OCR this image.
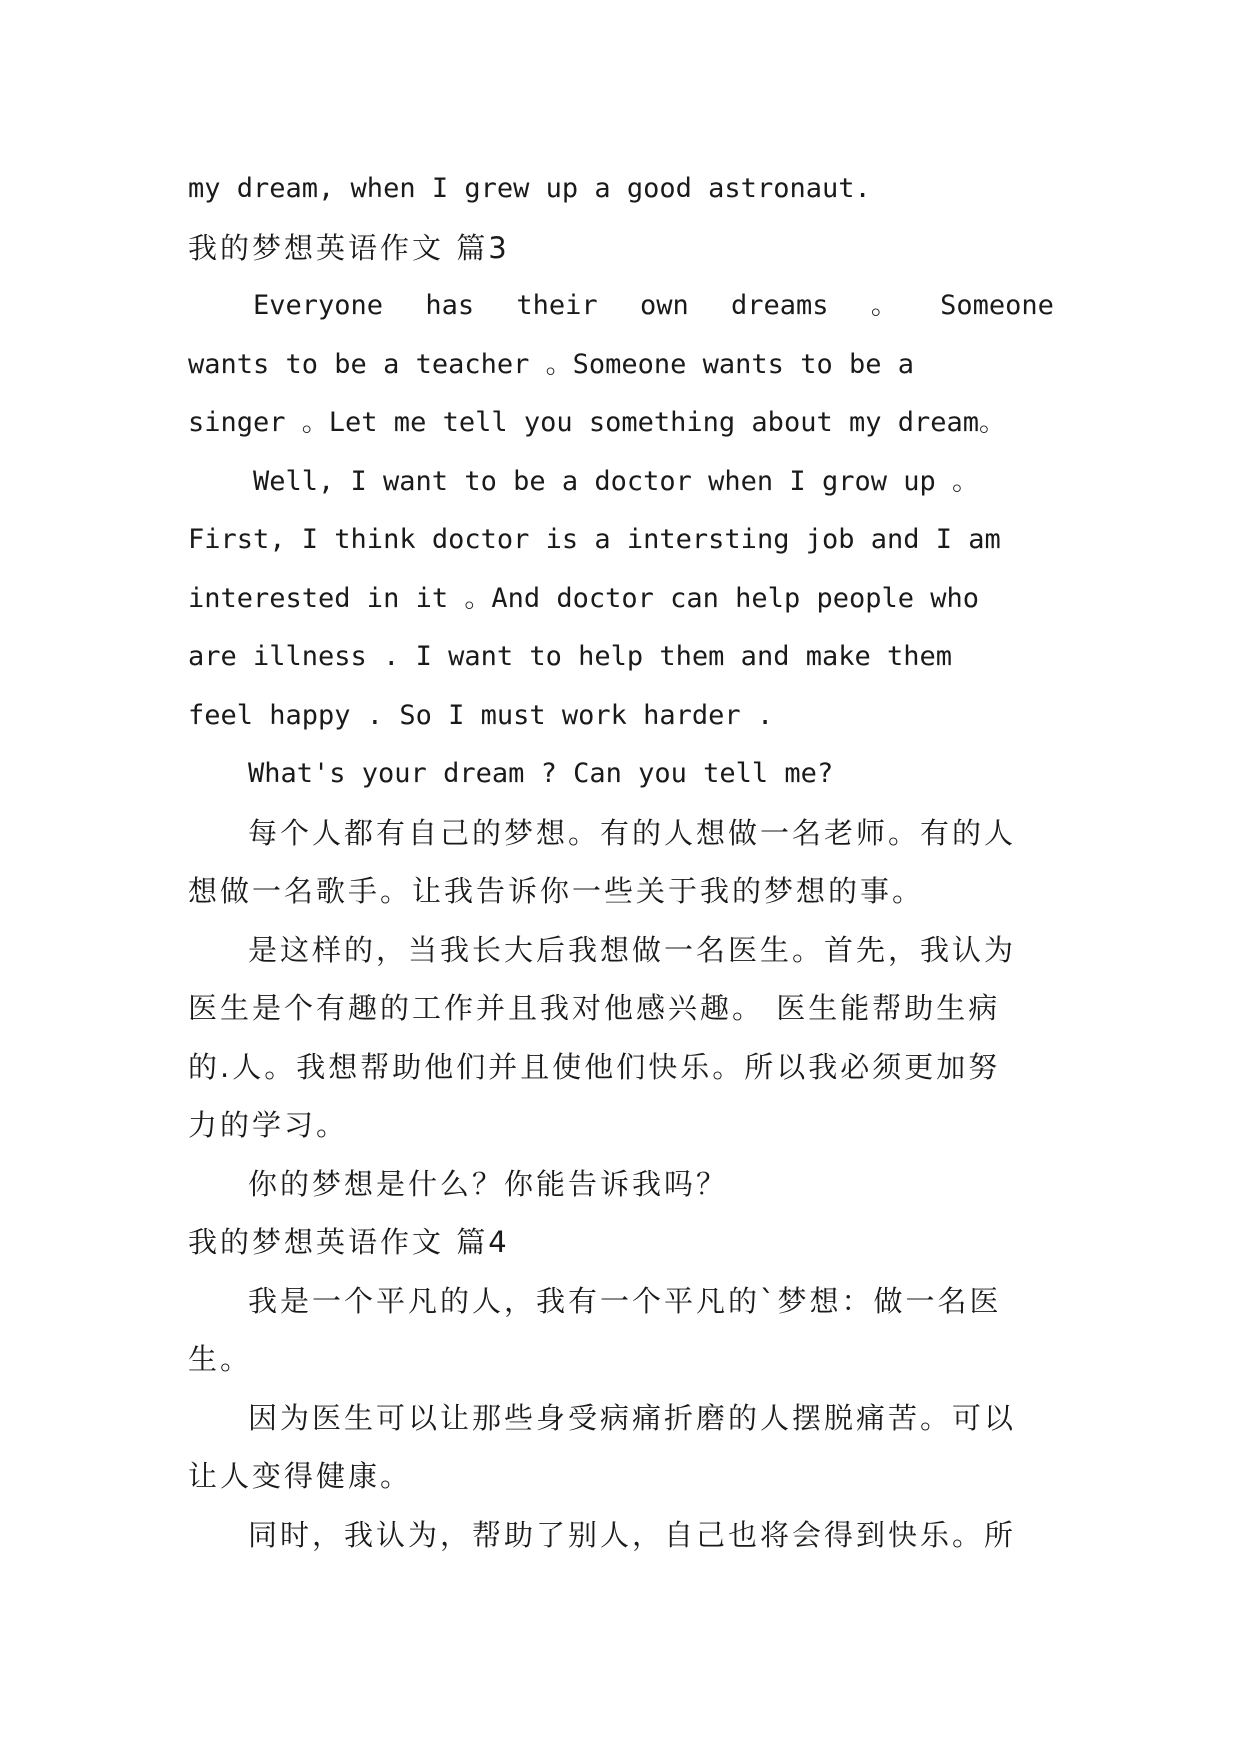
my dream, when I grew up a good astronaut.
我的梦想英语作文 篇3
Everyone has their own dreams 。 Someone
wants to be a teacher 。Someone wants to be a
singer 。Let me tell you something about my dream。
Well, I want to be a doctor when I grow up 。
First, I think doctor is a intersting job and I am
interested in it 。And doctor can help people who
are illness . I want to help them and make them
feel happy . So I must work harder .
What's your dream ? Can you tell me?
每个人都有自己的梦想。有的人想做一名老师。有的人
想做一名歌手。让我告诉你一些关于我的梦想的事。
是这样的，当我长大后我想做一名医生。首先，我认为
医生是个有趣的工作并且我对他感兴趣。 医生能帮助生病
的.人。我想帮助他们并且使他们快乐。所以我必须更加努
力的学习。
你的梦想是什么？你能告诉我吗？
我的梦想英语作文 篇4
我是一个平凡的人，我有一个平凡的`梦想：做一名医
生。
因为医生可以让那些身受病痛折磨的人摆脱痛苦。可以
让人变得健康。
同时，我认为，帮助了别人，自己也将会得到快乐。所
